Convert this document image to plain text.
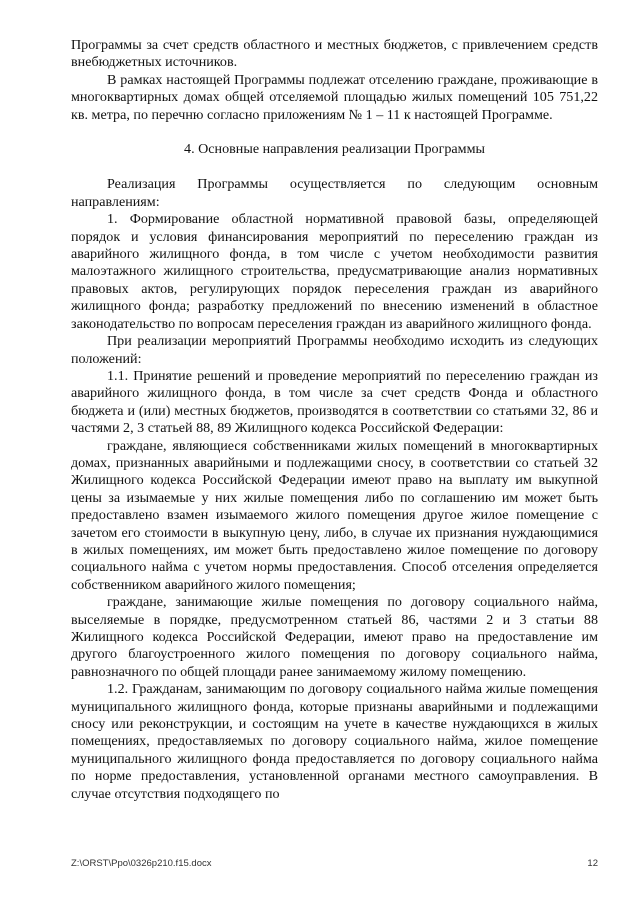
Программы за счет средств областного и местных бюджетов, с привлечением средств внебюджетных источников.

В рамках настоящей Программы подлежат отселению граждане, проживающие в многоквартирных домах общей отселяемой площадью жилых помещений 105 751,22 кв. метра, по перечню согласно приложениям № 1 – 11 к настоящей Программе.

4. Основные направления реализации Программы

Реализация Программы осуществляется по следующим основным направлениям:

1. Формирование областной нормативной правовой базы, определяющей порядок и условия финансирования мероприятий по переселению граждан из аварийного жилищного фонда, в том числе с учетом необходимости развития малоэтажного жилищного строительства, предусматривающие анализ нормативных правовых актов, регулирующих порядок переселения граждан из аварийного жилищного фонда; разработку предложений по внесению изменений в областное законодательство по вопросам переселения граждан из аварийного жилищного фонда.

При реализации мероприятий Программы необходимо исходить из следующих положений:

1.1. Принятие решений и проведение мероприятий по переселению граждан из аварийного жилищного фонда, в том числе за счет средств Фонда и областного бюджета и (или) местных бюджетов, производятся в соответствии со статьями 32, 86 и частями 2, 3 статьей 88, 89 Жилищного кодекса Российской Федерации:

граждане, являющиеся собственниками жилых помещений в многоквартирных домах, признанных аварийными и подлежащими сносу, в соответствии со статьей 32 Жилищного кодекса Российской Федерации имеют право на выплату им выкупной цены за изымаемые у них жилые помещения либо по соглашению им может быть предоставлено взамен изымаемого жилого помещения другое жилое помещение с зачетом его стоимости в выкупную цену, либо, в случае их признания нуждающимися в жилых помещениях, им может быть предоставлено жилое помещение по договору социального найма с учетом нормы предоставления. Способ отселения определяется собственником аварийного жилого помещения;

граждане, занимающие жилые помещения по договору социального найма, выселяемые в порядке, предусмотренном статьей 86, частями 2 и 3 статьи 88 Жилищного кодекса Российской Федерации, имеют право на предоставление им другого благоустроенного жилого помещения по договору социального найма, равнозначного по общей площади ранее занимаемому жилому помещению.

1.2. Гражданам, занимающим по договору социального найма жилые помещения муниципального жилищного фонда, которые признаны аварийными и подлежащими сносу или реконструкции, и состоящим на учете в качестве нуждающихся в жилых помещениях, предоставляемых по договору социального найма, жилое помещение муниципального жилищного фонда предоставляется по договору социального найма по норме предоставления, установленной органами местного самоуправления. В случае отсутствия подходящего по

Z:\ORST\Ppo\0326p210.f15.docx	12
